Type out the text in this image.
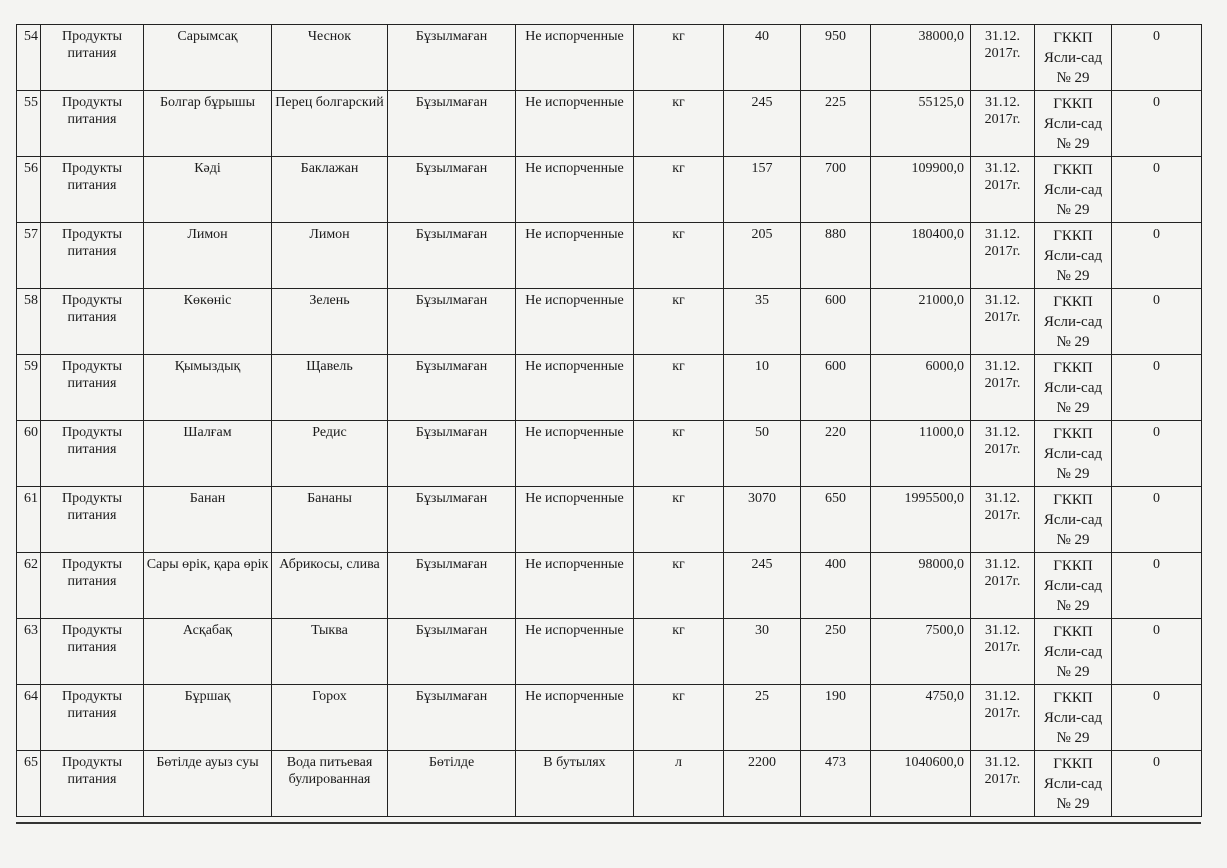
54	Продукты питания	Сарымсақ	Чеснок	Бұзылмаған	Не испорченные	кг	40	950	38000,0	31.12. 2017г.	ГККП Ясли-сад № 29	0
55	Продукты питания	Болгар бұрышы	Перец болгарский	Бұзылмаған	Не испорченные	кг	245	225	55125,0	31.12. 2017г.	ГККП Ясли-сад № 29	0
56	Продукты питания	Кәді	Баклажан	Бұзылмаған	Не испорченные	кг	157	700	109900,0	31.12. 2017г.	ГККП Ясли-сад № 29	0
57	Продукты питания	Лимон	Лимон	Бұзылмаған	Не испорченные	кг	205	880	180400,0	31.12. 2017г.	ГККП Ясли-сад № 29	0
58	Продукты питания	Көкөніс	Зелень	Бұзылмаған	Не испорченные	кг	35	600	21000,0	31.12. 2017г.	ГККП Ясли-сад № 29	0
59	Продукты питания	Қымыздық	Щавель	Бұзылмаған	Не испорченные	кг	10	600	6000,0	31.12. 2017г.	ГККП Ясли-сад № 29	0
60	Продукты питания	Шалғам	Редис	Бұзылмаған	Не испорченные	кг	50	220	11000,0	31.12. 2017г.	ГККП Ясли-сад № 29	0
61	Продукты питания	Банан	Бананы	Бұзылмаған	Не испорченные	кг	3070	650	1995500,0	31.12. 2017г.	ГККП Ясли-сад № 29	0
62	Продукты питания	Сары өрік, қара өрік	Абрикосы, слива	Бұзылмаған	Не испорченные	кг	245	400	98000,0	31.12. 2017г.	ГККП Ясли-сад № 29	0
63	Продукты питания	Асқабақ	Тыква	Бұзылмаған	Не испорченные	кг	30	250	7500,0	31.12. 2017г.	ГККП Ясли-сад № 29	0
64	Продукты питания	Бұршақ	Горох	Бұзылмаған	Не испорченные	кг	25	190	4750,0	31.12. 2017г.	ГККП Ясли-сад № 29	0
65	Продукты питания	Бөтілде ауыз суы	Вода питьевая булированная	Бөтілде	В бутылях	л	2200	473	1040600,0	31.12. 2017г.	ГККП Ясли-сад № 29	0
